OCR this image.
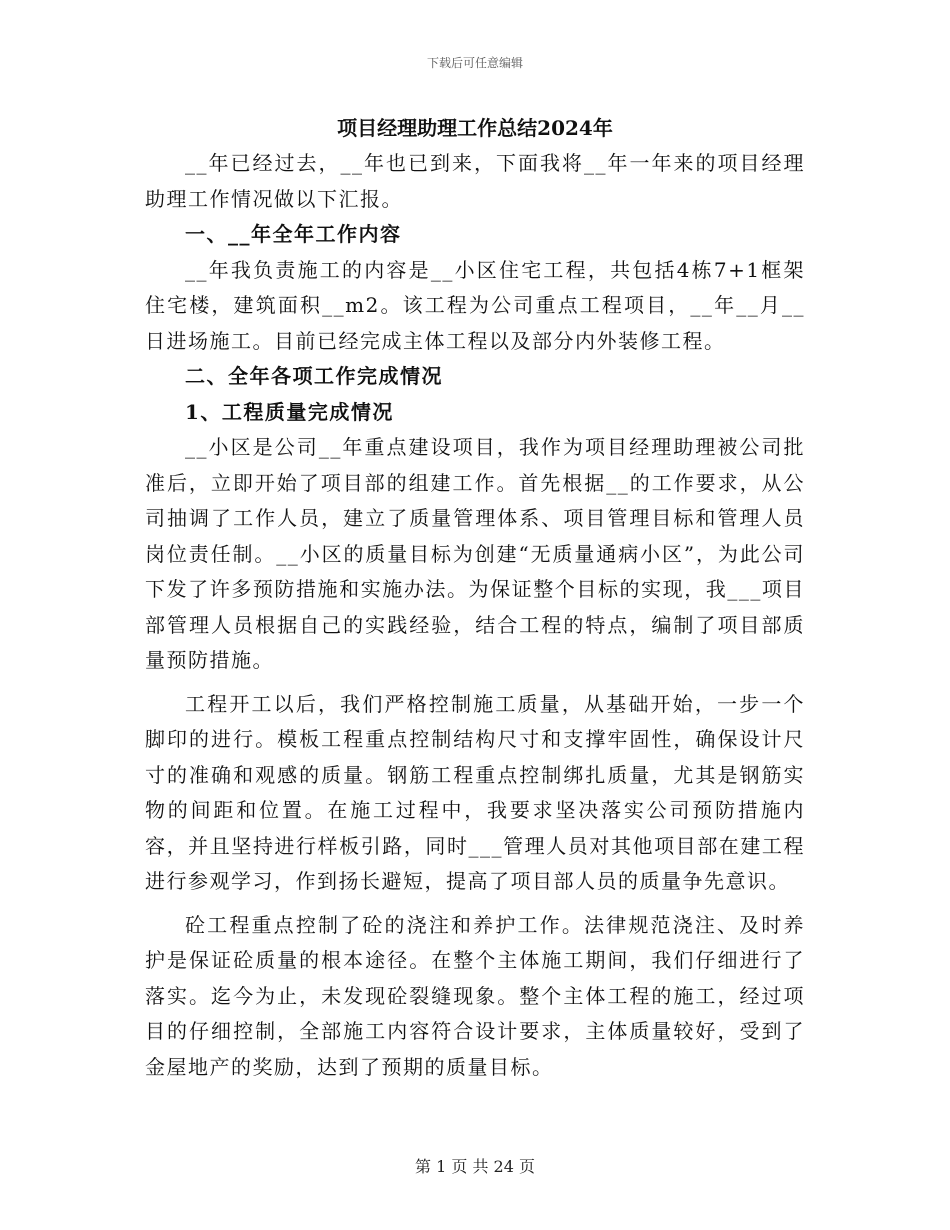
下载后可任意编辑

项目经理助理工作总结2024年

__年已经过去，__年也已到来，下面我将__年一年来的项目经理助理工作情况做以下汇报。

一、__年全年工作内容

__年我负责施工的内容是__小区住宅工程，共包括4栋7+1框架住宅楼，建筑面积__m2。该工程为公司重点工程项目，__年__月__日进场施工。目前已经完成主体工程以及部分内外装修工程。

二、全年各项工作完成情况

1、工程质量完成情况

__小区是公司__年重点建设项目，我作为项目经理助理被公司批准后，立即开始了项目部的组建工作。首先根据__的工作要求，从公司抽调了工作人员，建立了质量管理体系、项目管理目标和管理人员岗位责任制。__小区的质量目标为创建“无质量通病小区”，为此公司下发了许多预防措施和实施办法。为保证整个目标的实现，我___项目部管理人员根据自己的实践经验，结合工程的特点，编制了项目部质量预防措施。

工程开工以后，我们严格控制施工质量，从基础开始，一步一个脚印的进行。模板工程重点控制结构尺寸和支撑牢固性，确保设计尺寸的准确和观感的质量。钢筋工程重点控制绑扎质量，尤其是钢筋实物的间距和位置。在施工过程中，我要求坚决落实公司预防措施内容，并且坚持进行样板引路，同时___管理人员对其他项目部在建工程进行参观学习，作到扬长避短，提高了项目部人员的质量争先意识。

砼工程重点控制了砼的浇注和养护工作。法律规范浇注、及时养护是保证砼质量的根本途径。在整个主体施工期间，我们仔细进行了落实。迄今为止，未发现砼裂缝现象。整个主体工程的施工，经过项目的仔细控制，全部施工内容符合设计要求，主体质量较好，受到了金屋地产的奖励，达到了预期的质量目标。

第 1 页 共 24 页
